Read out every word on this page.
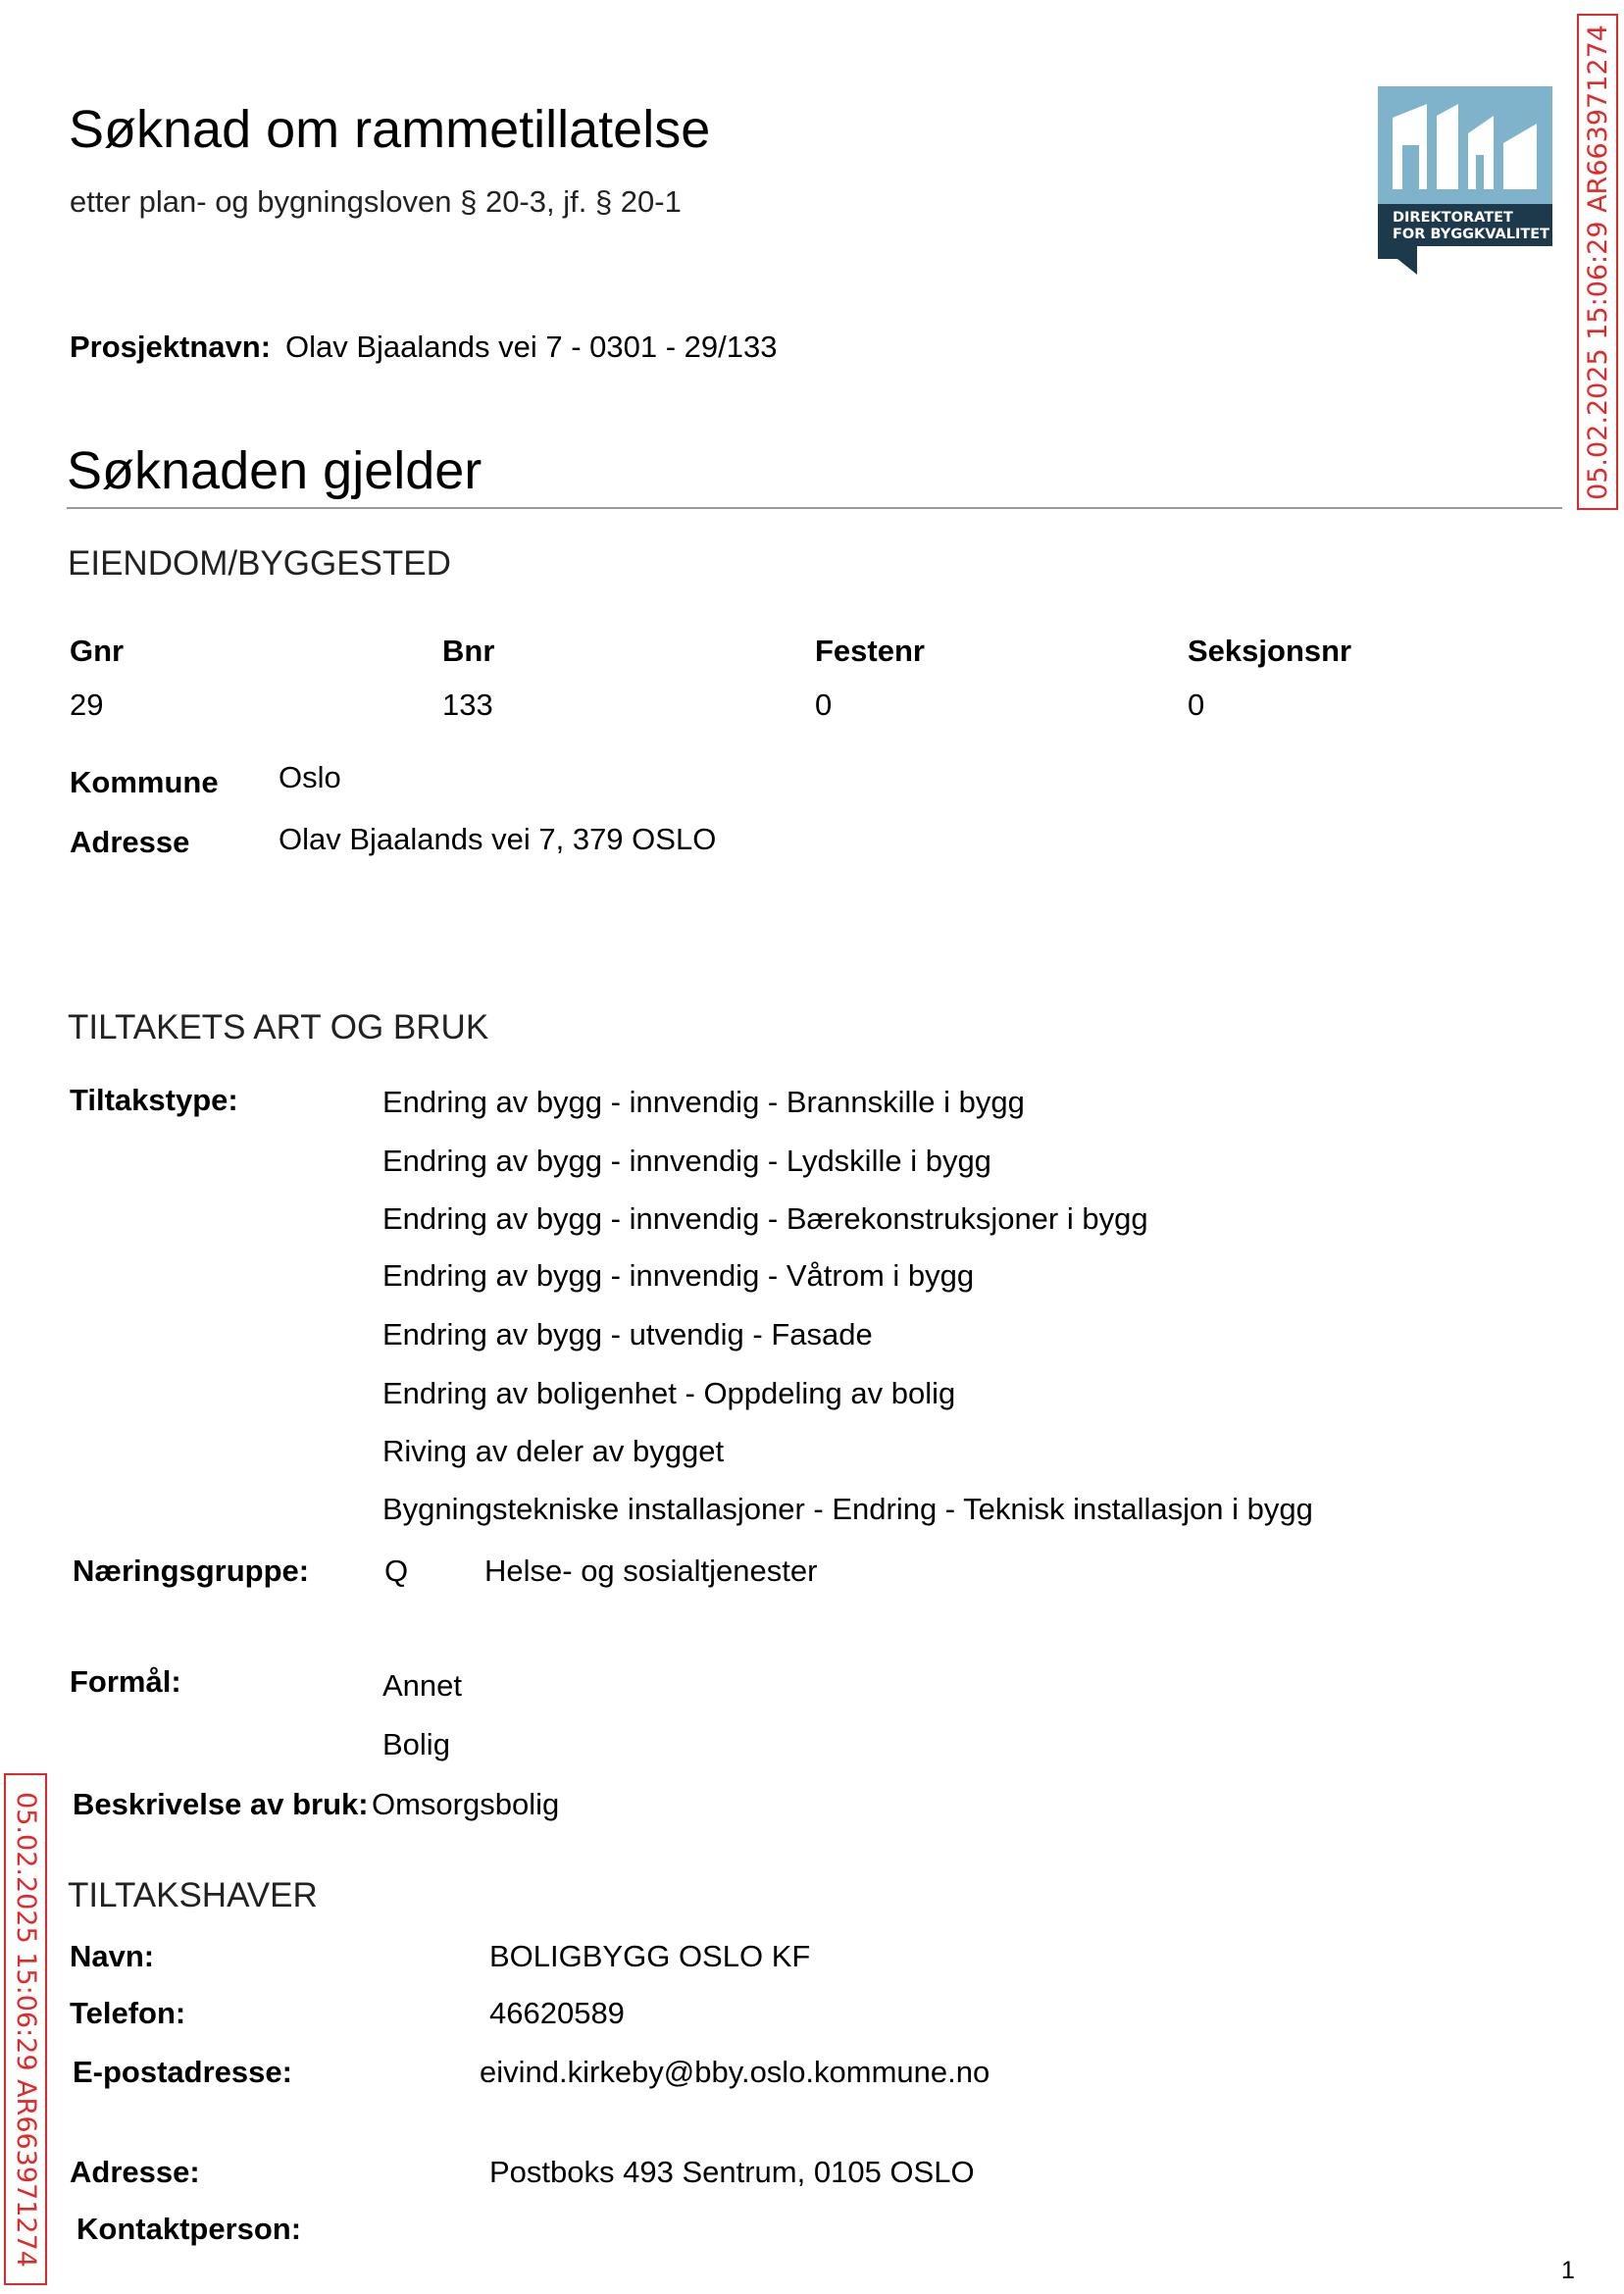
Søknad om rammetillatelse
etter plan- og bygningsloven § 20-3, jf. § 20-1	DIREKTORATET
FOR BYGGKVALITET 05.02.2025 15:06:29 AR663971274
05.02.2025 15:06:29 AR663971274
Prosjektnavn: Olav Bjaalands vei 7 - 0301 - 29/133
Søknaden gjelder
EIENDOM/BYGGESTED
Gnr
29
Bnr
133
Festenr
0
Seksjonsnr
0
Kommune Oslo
Adresse	Olav Bjaalands vei 7, 379 OSLO
TILTAKETS ART OG BRUK
Tiltakstype:	Endring av bygg - innvendig - Brannskille i bygg
Endring av bygg - innvendig - Lydskille i bygg
Endring av bygg - innvendig - Bærekonstruksjoner i bygg
Endring av bygg - innvendig - Våtrom i bygg
Endring av bygg - utvendig - Fasade
Endring av boligenhet - Oppdeling av bolig
Riving av deler av bygget
Bygningstekniske installasjoner - Endring - Teknisk installasjon i bygg
Næringsgruppe: Q	Helse- og sosialtjenester
Formål:	Annet
Bolig
Beskrivelse av bruk: Omsorgsbolig
TILTAKSHAVER
Navn:	BOLIGBYGG OSLO KF
Telefon:	46620589
E-postadresse:	eivind.kirkeby@bby.oslo.kommune.no
Adresse:	Postboks 493 Sentrum, 0105 OSLO
Kontaktperson:
1
